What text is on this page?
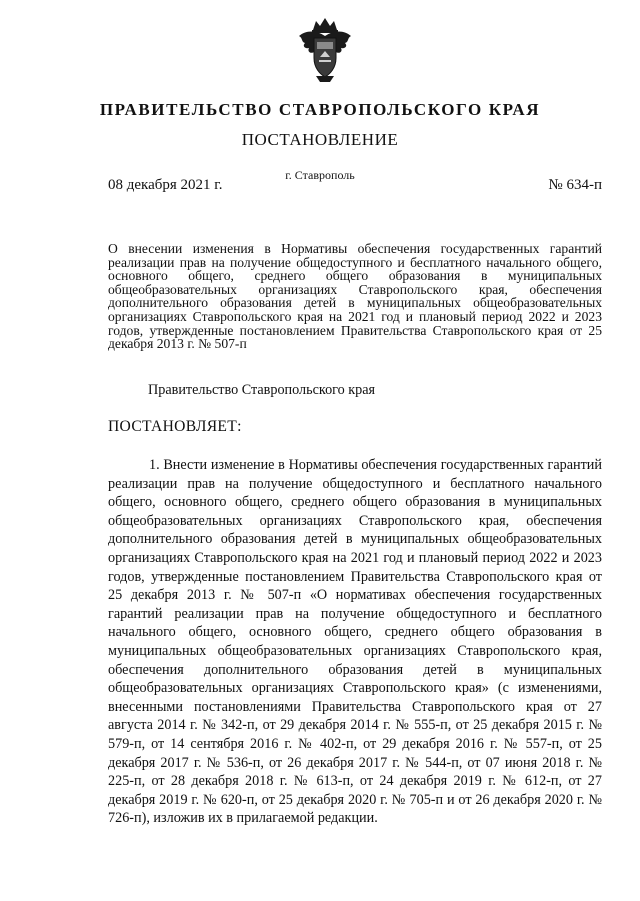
ПРАВИТЕЛЬСТВО СТАВРОПОЛЬСКОГО КРАЯ
ПОСТАНОВЛЕНИЕ
08 декабря 2021 г.
г. Ставрополь
№ 634-п
О внесении изменения в Нормативы обеспечения государственных гарантий реализации прав на получение общедоступного и бесплатного начального общего, основного общего, среднего общего образования в муниципальных общеобразовательных организациях Ставропольского края, обеспечения дополнительного образования детей в муниципальных общеобразовательных организациях Ставропольского края на 2021 год и плановый период 2022 и 2023 годов, утвержденные постановлением Правительства Ставропольского края от 25 декабря 2013 г. № 507-п
Правительство Ставропольского края
ПОСТАНОВЛЯЕТ:

1. Внести изменение в Нормативы обеспечения государственных гарантий реализации прав на получение общедоступного и бесплатного начального общего, основного общего, среднего общего образования в муниципальных общеобразовательных организациях Ставропольского края, обеспечения дополнительного образования детей в муниципальных общеобразовательных организациях Ставропольского края на 2021 год и плановый период 2022 и 2023 годов, утвержденные постановлением Правительства Ставропольского края от 25 декабря 2013 г. № 507-п «О нормативах обеспечения государственных гарантий реализации прав на получение общедоступного и бесплатного начального общего, основного общего, среднего общего образования в муниципальных общеобразовательных организациях Ставропольского края, обеспечения дополнительного образования детей в муниципальных общеобразовательных организациях Ставропольского края» (с изменениями, внесенными постановлениями Правительства Ставропольского края от 27 августа 2014 г. № 342-п, от 29 декабря 2014 г. № 555-п, от 25 декабря 2015 г. № 579-п, от 14 сентября 2016 г. № 402-п, от 29 декабря 2016 г. № 557-п, от 25 декабря 2017 г. № 536-п, от 26 декабря 2017 г. № 544-п, от 07 июня 2018 г. № 225-п, от 28 декабря 2018 г. № 613-п, от 24 декабря 2019 г. № 612-п, от 27 декабря 2019 г. № 620-п, от 25 декабря 2020 г. № 705-п и от 26 декабря 2020 г. № 726-п), изложив их в прилагаемой редакции.
